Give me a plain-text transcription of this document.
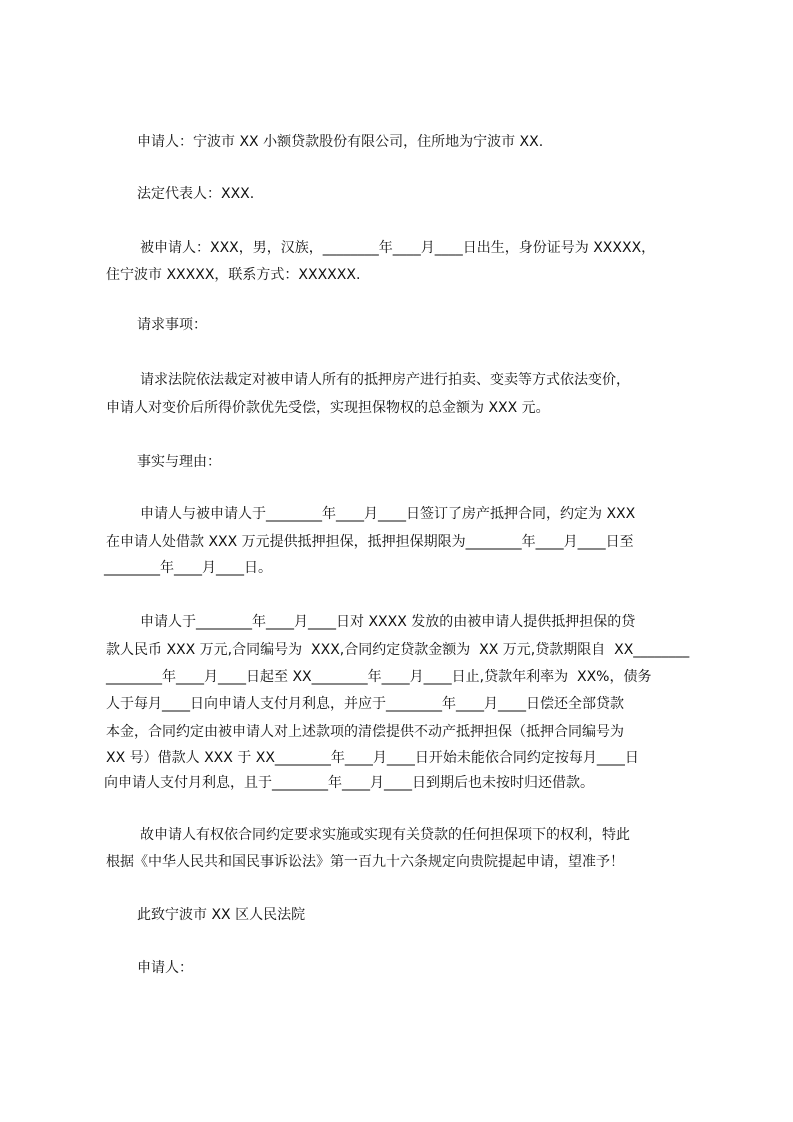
申请人：宁波市 XX 小额贷款股份有限公司，住所地为宁波市 XX.
法定代表人：XXX.
被申请人：XXX，男，汉族，________年____月____日出生，身份证号为 XXXXX，
住宁波市 XXXXX，联系方式：XXXXXX.
请求事项：
请求法院依法裁定对被申请人所有的抵押房产进行拍卖、变卖等方式依法变价，
申请人对变价后所得价款优先受偿，实现担保物权的总金额为 XXX 元。
事实与理由：
申请人与被申请人于________年____月____日签订了房产抵押合同，约定为 XXX
在申请人处借款 XXX 万元提供抵押担保，抵押担保期限为________年____月____日至
________年____月____日。
申请人于________年____月____日对 XXXX 发放的由被申请人提供抵押担保的贷
款人民币 XXX 万元,合同编号为  XXX,合同约定贷款金额为  XX 万元,贷款期限自  XX________
________年____月____日起至 XX________年____月____日止,贷款年利率为  XX%，债务
人于每月____日向申请人支付月利息，并应于________年____月____日偿还全部贷款
本金，合同约定由被申请人对上述款项的清偿提供不动产抵押担保（抵押合同编号为
XX 号）借款人 XXX 于 XX________年____月____日开始未能依合同约定按每月____日
向申请人支付月利息，且于________年____月____日到期后也未按时归还借款。
故申请人有权依合同约定要求实施或实现有关贷款的任何担保项下的权利，特此
根据《中华人民共和国民事诉讼法》第一百九十六条规定向贵院提起申请，望准予！
此致宁波市 XX 区人民法院
申请人：
